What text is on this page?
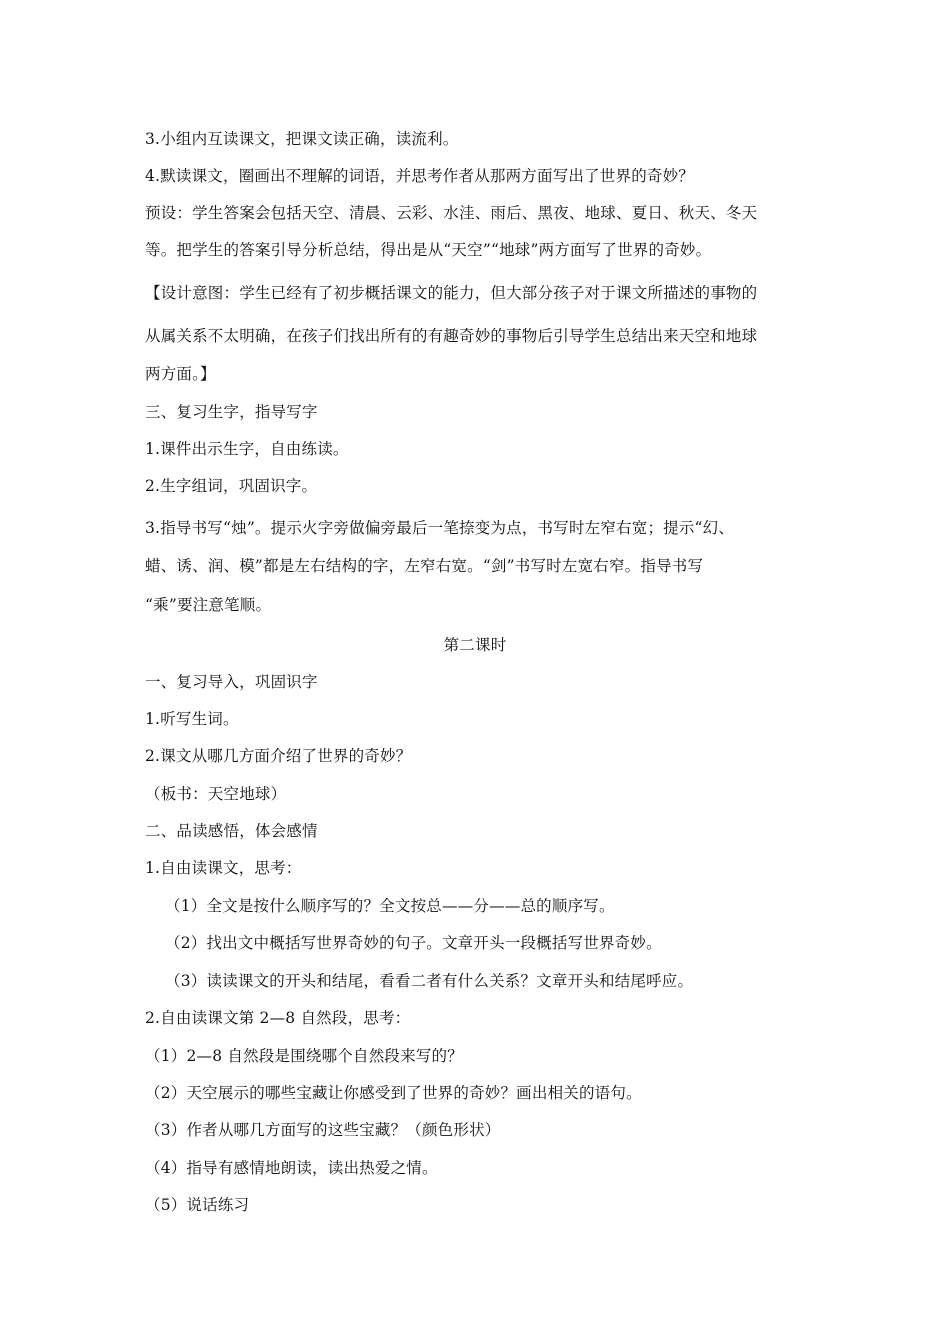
3.小组内互读课文，把课文读正确，读流利。
4.默读课文，圈画出不理解的词语，并思考作者从那两方面写出了世界的奇妙？
预设：学生答案会包括天空、清晨、云彩、水洼、雨后、黑夜、地球、夏日、秋天、冬天
等。把学生的答案引导分析总结，得出是从“天空”“地球”两方面写了世界的奇妙。
【设计意图：学生已经有了初步概括课文的能力，但大部分孩子对于课文所描述的事物的
从属关系不太明确，在孩子们找出所有的有趣奇妙的事物后引导学生总结出来天空和地球
两方面。】
三、复习生字，指导写字
1.课件出示生字，自由练读。
2.生字组词，巩固识字。
3.指导书写“烛”。提示火字旁做偏旁最后一笔捺变为点，书写时左窄右宽；提示“幻、
蜡、诱、润、模”都是左右结构的字，左窄右宽。“剑”书写时左宽右窄。指导书写
“乘”要注意笔顺。
第二课时
一、复习导入，巩固识字
1.听写生词。
2.课文从哪几方面介绍了世界的奇妙？
（板书：天空地球）
二、品读感悟，体会感情
1.自由读课文，思考：
（1）全文是按什么顺序写的？全文按总——分——总的顺序写。
（2）找出文中概括写世界奇妙的句子。文章开头一段概括写世界奇妙。
（3）读读课文的开头和结尾，看看二者有什么关系？文章开头和结尾呼应。
2.自由读课文第 2—8 自然段，思考：
（1）2—8 自然段是围绕哪个自然段来写的？
（2）天空展示的哪些宝藏让你感受到了世界的奇妙？画出相关的语句。
（3）作者从哪几方面写的这些宝藏？（颜色形状）
（4）指导有感情地朗读，读出热爱之情。
（5）说话练习
